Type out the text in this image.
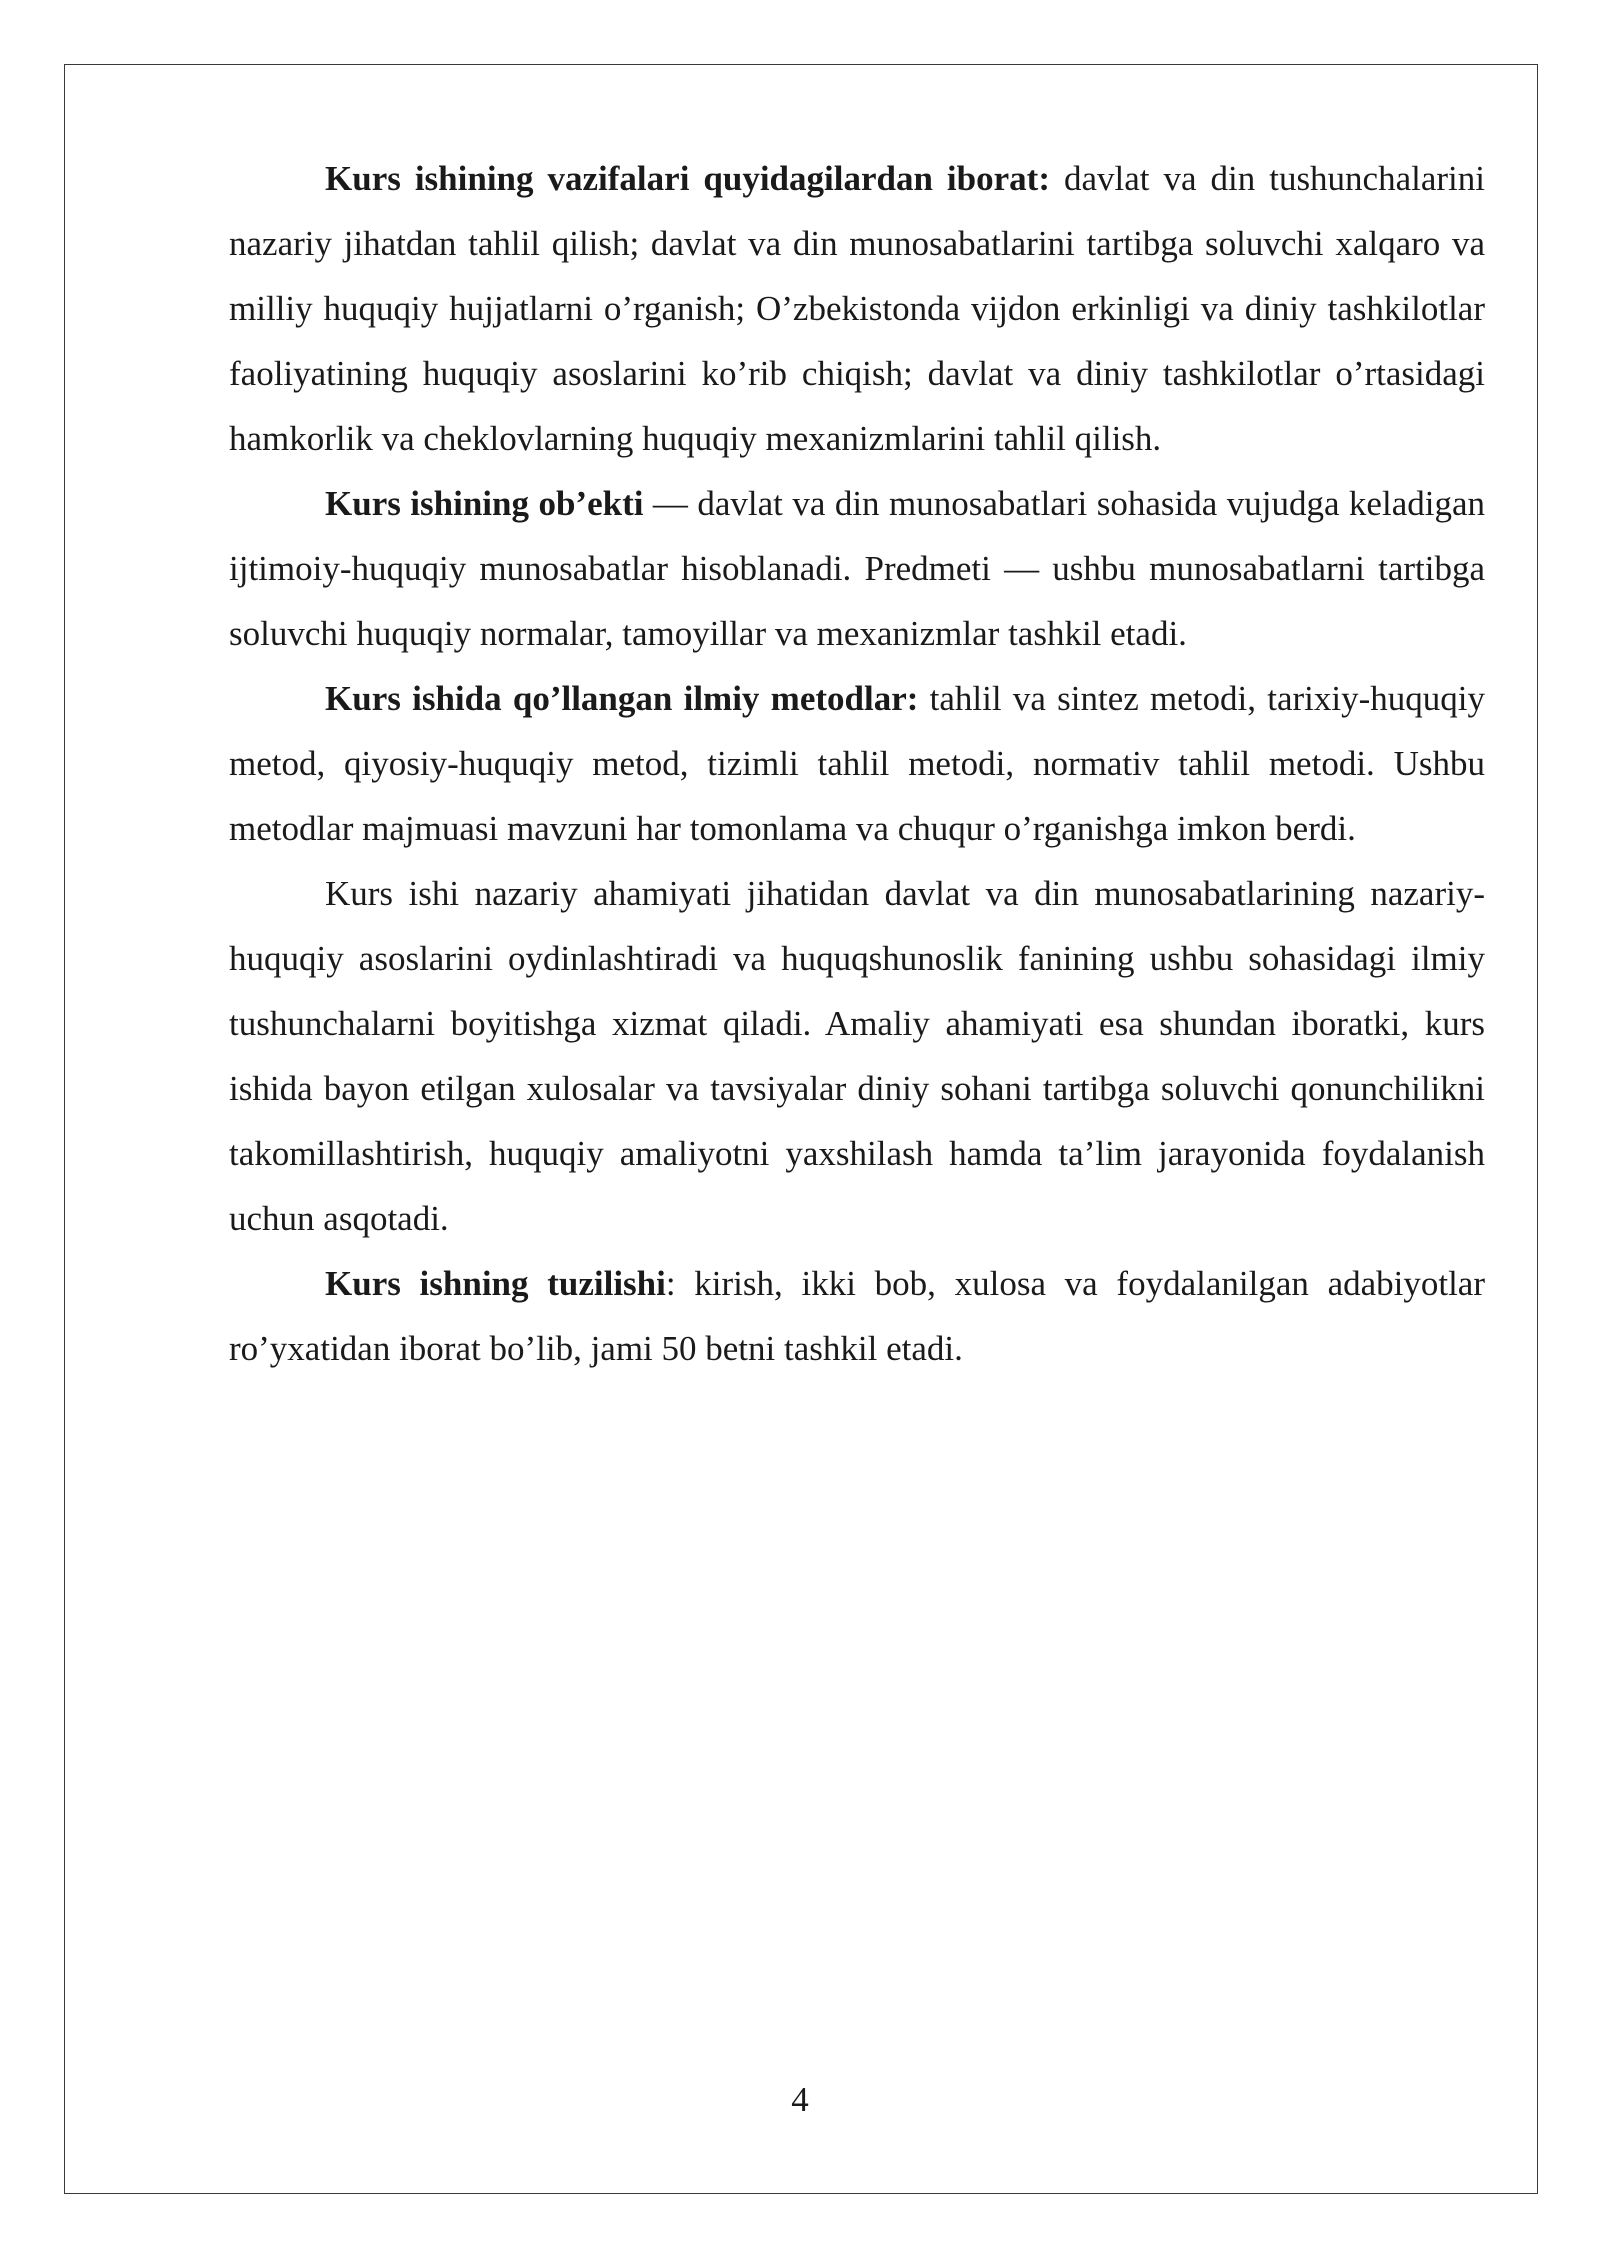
Kurs ishining vazifalari quyidagilardan iborat: davlat va din tushunchalarini nazariy jihatdan tahlil qilish; davlat va din munosabatlarini tartibga soluvchi xalqaro va milliy huquqiy hujjatlarni o’rganish; O’zbekistonda vijdon erkinligi va diniy tashkilotlar faoliyatining huquqiy asoslarini ko’rib chiqish; davlat va diniy tashkilotlar o’rtasidagi hamkorlik va cheklovlarning huquqiy mexanizmlarini tahlil qilish.

Kurs ishining ob’ekti — davlat va din munosabatlari sohasida vujudga keladigan ijtimoiy-huquqiy munosabatlar hisoblanadi. Predmeti — ushbu munosabatlarni tartibga soluvchi huquqiy normalar, tamoyillar va mexanizmlar tashkil etadi.

Kurs ishida qo’llangan ilmiy metodlar: tahlil va sintez metodi, tarixiy-huquqiy metod, qiyosiy-huquqiy metod, tizimli tahlil metodi, normativ tahlil metodi. Ushbu metodlar majmuasi mavzuni har tomonlama va chuqur o’rganishga imkon berdi.

Kurs ishi nazariy ahamiyati jihatidan davlat va din munosabatlarining nazariy-huquqiy asoslarini oydinlashtiradi va huquqshunoslik fanining ushbu sohasidagi ilmiy tushunchalarni boyitishga xizmat qiladi. Amaliy ahamiyati esa shundan iboratki, kurs ishida bayon etilgan xulosalar va tavsiyalar diniy sohani tartibga soluvchi qonunchilikni takomillashtirish, huquqiy amaliyotni yaxshilash hamda ta’lim jarayonida foydalanish uchun asqotadi.

Kurs ishning tuzilishi: kirish, ikki bob, xulosa va foydalanilgan adabiyotlar ro’yxatidan iborat bo’lib, jami 50 betni tashkil etadi.

4
